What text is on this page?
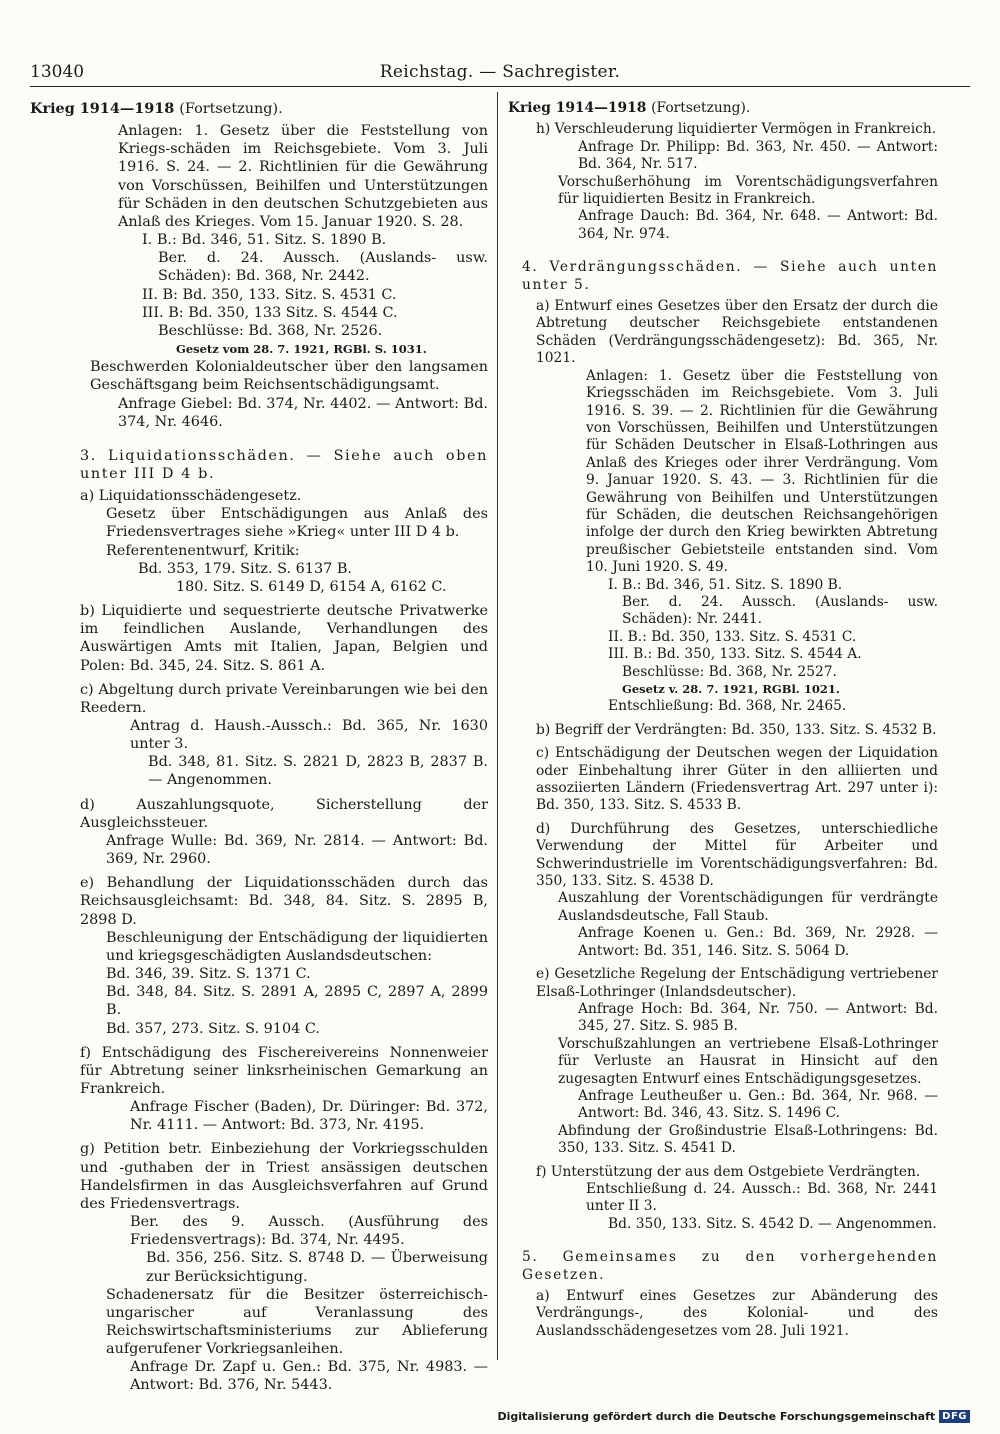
13040	Reichstag. — Sachregister.

Krieg 1914—1918 (Fortsetzung).

Anlagen: 1. Gesetz über die Feststellung von Kriegs-schäden im Reichsgebiete. Vom 3. Juli 1916. S. 24. — 2. Richtlinien für die Gewährung von Vorschüssen, Beihilfen und Unterstützungen für Schäden in den deutschen Schutzgebieten aus Anlaß des Krieges. Vom 15. Januar 1920. S. 28.

I. B.: Bd. 346, 51. Sitz. S. 1890 B.

Ber. d. 24. Aussch. (Auslands- usw. Schäden): Bd. 368, Nr. 2442.

II. B: Bd. 350, 133. Sitz. S. 4531 C.

III. B: Bd. 350, 133 Sitz. S. 4544 C.

Beschlüsse: Bd. 368, Nr. 2526.

Gesetz vom 28. 7. 1921, RGBl. S. 1031.

Beschwerden Kolonialdeutscher über den langsamen Geschäftsgang beim Reichsentschädigungsamt.

Anfrage Giebel: Bd. 374, Nr. 4402. — Antwort: Bd. 374, Nr. 4646.

3. Liquidationsschäden. — Siehe auch oben unter III D 4 b.

a) Liquidationsschädengesetz.

Gesetz über Entschädigungen aus Anlaß des Friedensvertrages siehe »Krieg« unter III D 4 b.

Referentenentwurf, Kritik:

Bd. 353, 179. Sitz. S. 6137 B.

180. Sitz. S. 6149 D, 6154 A, 6162 C.

b) Liquidierte und sequestrierte deutsche Privatwerke im feindlichen Auslande, Verhandlungen des Auswärtigen Amts mit Italien, Japan, Belgien und Polen: Bd. 345, 24. Sitz. S. 861 A.

c) Abgeltung durch private Vereinbarungen wie bei den Reedern.

Antrag d. Haush.-Aussch.: Bd. 365, Nr. 1630 unter 3.

Bd. 348, 81. Sitz. S. 2821 D, 2823 B, 2837 B. — Angenommen.

d) Auszahlungsquote, Sicherstellung der Ausgleichssteuer.

Anfrage Wulle: Bd. 369, Nr. 2814. — Antwort: Bd. 369, Nr. 2960.

e) Behandlung der Liquidationsschäden durch das Reichsausgleichsamt: Bd. 348, 84. Sitz. S. 2895 B, 2898 D.

Beschleunigung der Entschädigung der liquidierten und kriegsgeschädigten Auslandsdeutschen:

Bd. 346, 39. Sitz. S. 1371 C.

Bd. 348, 84. Sitz. S. 2891 A, 2895 C, 2897 A, 2899 B.

Bd. 357, 273. Sitz. S. 9104 C.

f) Entschädigung des Fischereivereins Nonnenweier für Abtretung seiner linksrheinischen Gemarkung an Frankreich.

Anfrage Fischer (Baden), Dr. Düringer: Bd. 372, Nr. 4111. — Antwort: Bd. 373, Nr. 4195.

g) Petition betr. Einbeziehung der Vorkriegsschulden und -guthaben der in Triest ansässigen deutschen Handelsfirmen in das Ausgleichsverfahren auf Grund des Friedensvertrags.

Ber. des 9. Aussch. (Ausführung des Friedensvertrags): Bd. 374, Nr. 4495.

Bd. 356, 256. Sitz. S. 8748 D. — Überweisung zur Berücksichtigung.

Schadenersatz für die Besitzer österreichisch-ungarischer auf Veranlassung des Reichswirtschaftsministeriums zur Ablieferung aufgerufener Vorkriegsanleihen.

Anfrage Dr. Zapf u. Gen.: Bd. 375, Nr. 4983. — Antwort: Bd. 376, Nr. 5443.

Krieg 1914—1918 (Fortsetzung).

h) Verschleuderung liquidierter Vermögen in Frankreich.

Anfrage Dr. Philipp: Bd. 363, Nr. 450. — Antwort: Bd. 364, Nr. 517.

Vorschußerhöhung im Vorentschädigungsverfahren für liquidierten Besitz in Frankreich.

Anfrage Dauch: Bd. 364, Nr. 648. — Antwort: Bd. 364, Nr. 974.

4. Verdrängungsschäden. — Siehe auch unten unter 5.

a) Entwurf eines Gesetzes über den Ersatz der durch die Abtretung deutscher Reichsgebiete entstandenen Schäden (Verdrängungsschädengesetz): Bd. 365, Nr. 1021.

Anlagen: 1. Gesetz über die Feststellung von Kriegsschäden im Reichsgebiete. Vom 3. Juli 1916. S. 39. — 2. Richtlinien für die Gewährung von Vorschüssen, Beihilfen und Unterstützungen für Schäden Deutscher in Elsaß-Lothringen aus Anlaß des Krieges oder ihrer Verdrängung. Vom 9. Januar 1920. S. 43. — 3. Richtlinien für die Gewährung von Beihilfen und Unterstützungen für Schäden, die deutschen Reichsangehörigen infolge der durch den Krieg bewirkten Abtretung preußischer Gebietsteile entstanden sind. Vom 10. Juni 1920. S. 49.

I. B.: Bd. 346, 51. Sitz. S. 1890 B.

Ber. d. 24. Aussch. (Auslands- usw. Schäden): Nr. 2441.

II. B.: Bd. 350, 133. Sitz. S. 4531 C.

III. B.: Bd. 350, 133. Sitz. S. 4544 A.

Beschlüsse: Bd. 368, Nr. 2527.

Gesetz v. 28. 7. 1921, RGBl. 1021.

Entschließung: Bd. 368, Nr. 2465.

b) Begriff der Verdrängten: Bd. 350, 133. Sitz. S. 4532 B.

c) Entschädigung der Deutschen wegen der Liquidation oder Einbehaltung ihrer Güter in den alliierten und assoziierten Ländern (Friedensvertrag Art. 297 unter i): Bd. 350, 133. Sitz. S. 4533 B.

d) Durchführung des Gesetzes, unterschiedliche Verwendung der Mittel für Arbeiter und Schwerindustrielle im Vorentschädigungsverfahren: Bd. 350, 133. Sitz. S. 4538 D.

Auszahlung der Vorentschädigungen für verdrängte Auslandsdeutsche, Fall Staub.

Anfrage Koenen u. Gen.: Bd. 369, Nr. 2928. — Antwort: Bd. 351, 146. Sitz. S. 5064 D.

e) Gesetzliche Regelung der Entschädigung vertriebener Elsaß-Lothringer (Inlandsdeutscher).

Anfrage Hoch: Bd. 364, Nr. 750. — Antwort: Bd. 345, 27. Sitz. S. 985 B.

Vorschußzahlungen an vertriebene Elsaß-Lothringer für Verluste an Hausrat in Hinsicht auf den zugesagten Entwurf eines Entschädigungsgesetzes.

Anfrage Leutheußer u. Gen.: Bd. 364, Nr. 968. — Antwort: Bd. 346, 43. Sitz. S. 1496 C.

Abfindung der Großindustrie Elsaß-Lothringens: Bd. 350, 133. Sitz. S. 4541 D.

f) Unterstützung der aus dem Ostgebiete Verdrängten.

Entschließung d. 24. Aussch.: Bd. 368, Nr. 2441 unter II 3.

Bd. 350, 133. Sitz. S. 4542 D. — Angenommen.

5. Gemeinsames zu den vorhergehenden Gesetzen.

a) Entwurf eines Gesetzes zur Abänderung des Verdrängungs-, des Kolonial- und des Auslandsschädengesetzes vom 28. Juli 1921.

Digitalisierung gefördert durch die Deutsche Forschungsgemeinschaft DFG
